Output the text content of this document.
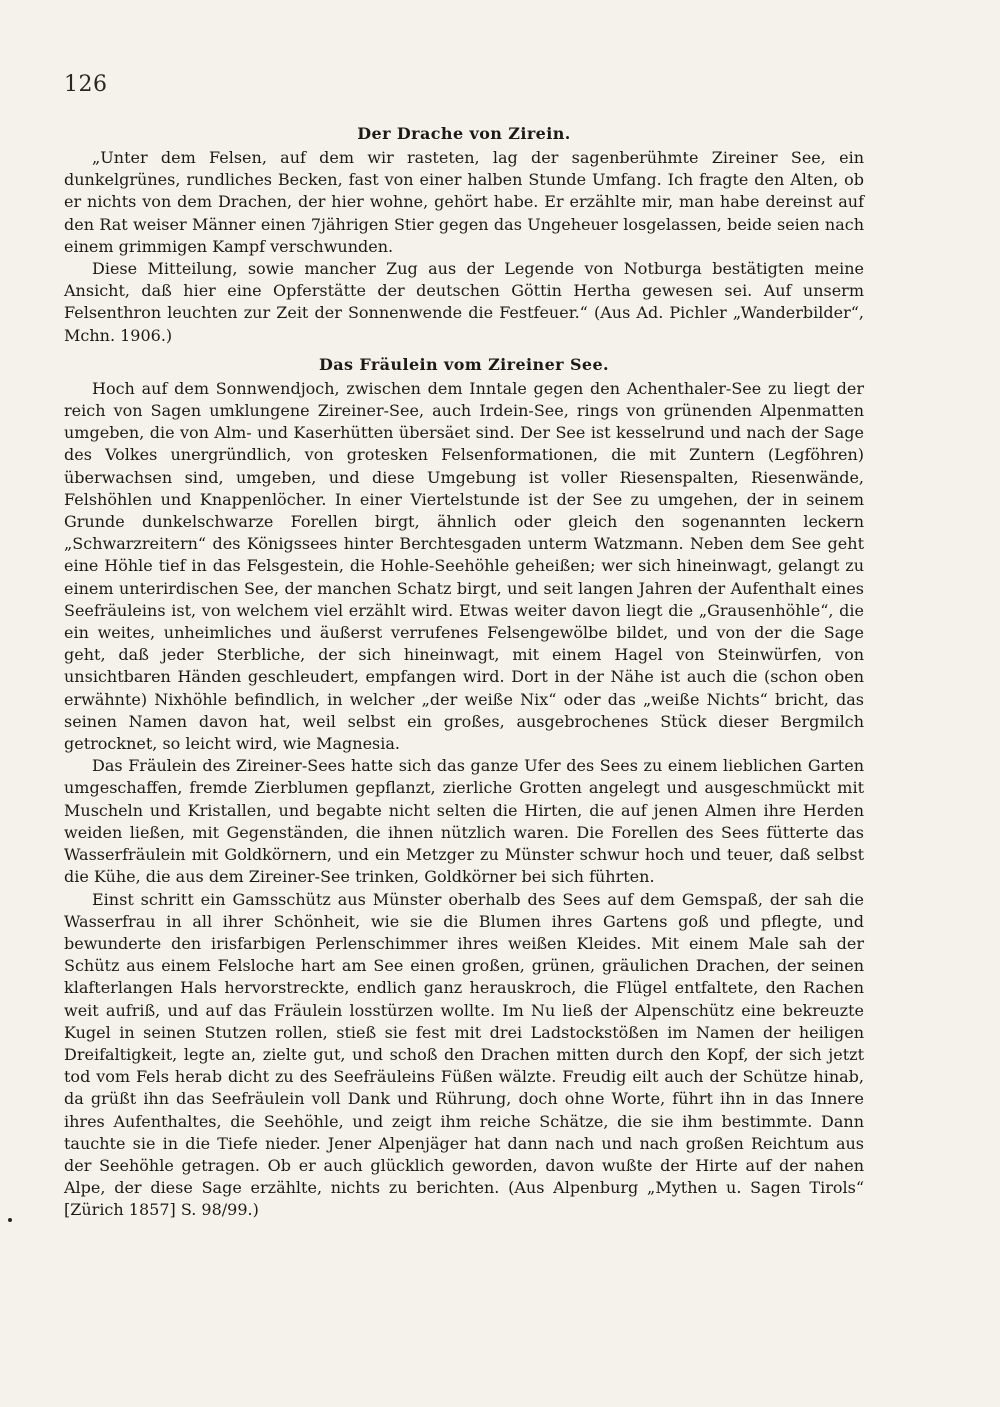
126
Der Drache von Zirein.

„Unter dem Felsen, auf dem wir rasteten, lag der sagenberühmte Zireiner See, ein dunkelgrünes, rundliches Becken, fast von einer halben Stunde Umfang. Ich fragte den Alten, ob er nichts von dem Drachen, der hier wohne, gehört habe. Er erzählte mir, man habe dereinst auf den Rat weiser Männer einen 7jährigen Stier gegen das Ungeheuer losgelassen, beide seien nach einem grimmigen Kampf verschwunden.

Diese Mitteilung, sowie mancher Zug aus der Legende von Notburga bestätigten meine Ansicht, daß hier eine Opferstätte der deutschen Göttin Hertha gewesen sei. Auf unserm Felsenthron leuchten zur Zeit der Sonnenwende die Festfeuer.“ (Aus Ad. Pichler „Wanderbilder“, Mchn. 1906.)

Das Fräulein vom Zireiner See.

Hoch auf dem Sonnwendjoch, zwischen dem Inntale gegen den Achenthaler-See zu liegt der reich von Sagen umklungene Zireiner-See, auch Irdein-See, rings von grünenden Alpenmatten umgeben, die von Alm- und Kaserhütten übersäet sind. Der See ist kesselrund und nach der Sage des Volkes unergründlich, von grotesken Felsenformationen, die mit Zuntern (Legföhren) überwachsen sind, umgeben, und diese Umgebung ist voller Riesenspalten, Riesenwände, Felshöhlen und Knappenlöcher. In einer Viertelstunde ist der See zu umgehen, der in seinem Grunde dunkelschwarze Forellen birgt, ähnlich oder gleich den sogenannten leckern „Schwarzreitern“ des Königssees hinter Berchtesgaden unterm Watzmann. Neben dem See geht eine Höhle tief in das Felsgestein, die Hohle-Seehöhle geheißen; wer sich hineinwagt, gelangt zu einem unterirdischen See, der manchen Schatz birgt, und seit langen Jahren der Aufenthalt eines Seefräuleins ist, von welchem viel erzählt wird. Etwas weiter davon liegt die „Grausenhöhle“, die ein weites, unheimliches und äußerst verrufenes Felsengewölbe bildet, und von der die Sage geht, daß jeder Sterbliche, der sich hineinwagt, mit einem Hagel von Steinwürfen, von unsichtbaren Händen geschleudert, empfangen wird. Dort in der Nähe ist auch die (schon oben erwähnte) Nixhöhle befindlich, in welcher „der weiße Nix“ oder das „weiße Nichts“ bricht, das seinen Namen davon hat, weil selbst ein großes, ausgebrochenes Stück dieser Bergmilch getrocknet, so leicht wird, wie Magnesia.

Das Fräulein des Zireiner-Sees hatte sich das ganze Ufer des Sees zu einem lieblichen Garten umgeschaffen, fremde Zierblumen gepflanzt, zierliche Grotten angelegt und ausgeschmückt mit Muscheln und Kristallen, und begabte nicht selten die Hirten, die auf jenen Almen ihre Herden weiden ließen, mit Gegenständen, die ihnen nützlich waren. Die Forellen des Sees fütterte das Wasserfräulein mit Goldkörnern, und ein Metzger zu Münster schwur hoch und teuer, daß selbst die Kühe, die aus dem Zireiner-See trinken, Goldkörner bei sich führten.

Einst schritt ein Gamsschütz aus Münster oberhalb des Sees auf dem Gemspaß, der sah die Wasserfrau in all ihrer Schönheit, wie sie die Blumen ihres Gartens goß und pflegte, und bewunderte den irisfarbigen Perlenschimmer ihres weißen Kleides. Mit einem Male sah der Schütz aus einem Felsloche hart am See einen großen, grünen, gräulichen Drachen, der seinen klafterlangen Hals hervorstreckte, endlich ganz herauskroch, die Flügel entfaltete, den Rachen weit aufriß, und auf das Fräulein losstürzen wollte. Im Nu ließ der Alpenschütz eine bekreuzte Kugel in seinen Stutzen rollen, stieß sie fest mit drei Ladstockstößen im Namen der heiligen Dreifaltigkeit, legte an, zielte gut, und schoß den Drachen mitten durch den Kopf, der sich jetzt tod vom Fels herab dicht zu des Seefräuleins Füßen wälzte. Freudig eilt auch der Schütze hinab, da grüßt ihn das Seefräulein voll Dank und Rührung, doch ohne Worte, führt ihn in das Innere ihres Aufenthaltes, die Seehöhle, und zeigt ihm reiche Schätze, die sie ihm bestimmte. Dann tauchte sie in die Tiefe nieder. Jener Alpenjäger hat dann nach und nach großen Reichtum aus der Seehöhle getragen. Ob er auch glücklich geworden, davon wußte der Hirte auf der nahen Alpe, der diese Sage erzählte, nichts zu berichten. (Aus Alpenburg „Mythen u. Sagen Tirols“ [Zürich 1857] S. 98/99.)
